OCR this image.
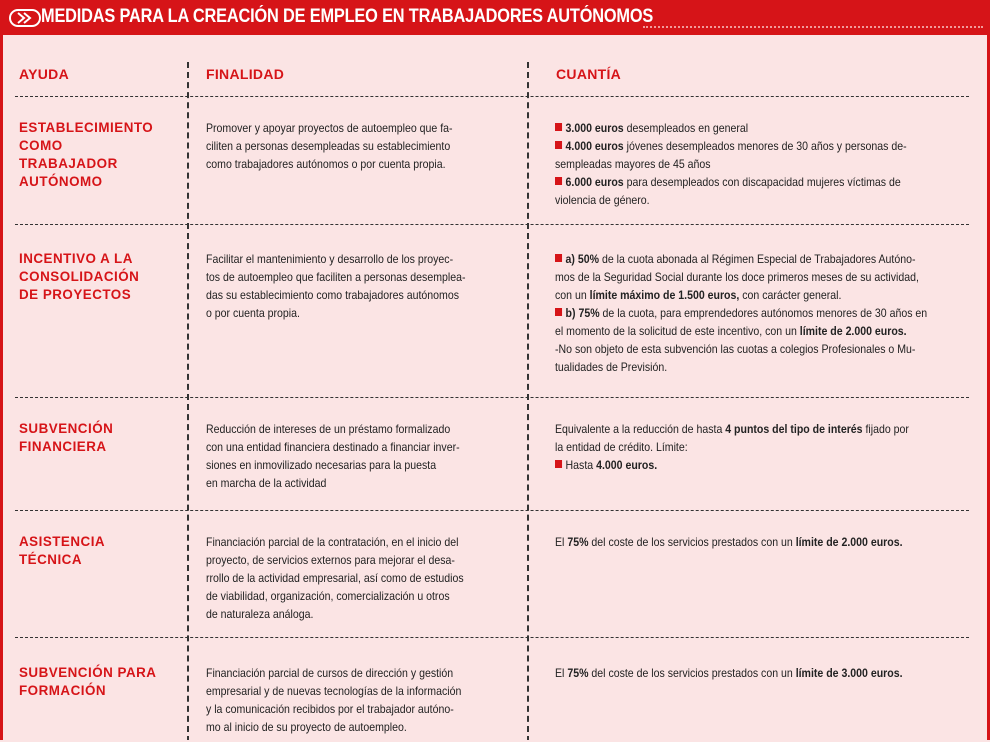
MEDIDAS PARA LA CREACIÓN DE EMPLEO EN TRABAJADORES AUTÓNOMOS
AYUDA	FINALIDAD	CUANTÍA
ESTABLECIMIENTO
COMO
TRABAJADOR
AUTÓNOMO
Promover y apoyar proyectos de autoempleo que fa-
ciliten a personas desempleadas su establecimiento
como trabajadores autónomos o por cuenta propia.
3.000 euros desempleados en general
4.000 euros jóvenes desempleados menores de 30 años y personas de-
sempleadas mayores de 45 años
6.000 euros para desempleados con discapacidad mujeres víctimas de
violencia de género.
INCENTIVO A LA
CONSOLIDACIÓN
DE PROYECTOS
Facilitar el mantenimiento y desarrollo de los proyec-
tos de autoempleo que faciliten a personas desemplea-
das su establecimiento como trabajadores autónomos
o por cuenta propia.
a) 50% de la cuota abonada al Régimen Especial de Trabajadores Autóno-
mos de la Seguridad Social durante los doce primeros meses de su actividad,
con un límite máximo de 1.500 euros, con carácter general.
b) 75% de la cuota, para emprendedores autónomos menores de 30 años en
el momento de la solicitud de este incentivo, con un límite de 2.000 euros.
-No son objeto de esta subvención las cuotas a colegios Profesionales o Mu-
tualidades de Previsión.
SUBVENCIÓN
FINANCIERA
Reducción de intereses de un préstamo formalizado
con una entidad financiera destinado a financiar inver-
siones en inmovilizado necesarias para la puesta
en marcha de la actividad
Equivalente a la reducción de hasta 4 puntos del tipo de interés fijado por
la entidad de crédito. Límite:
Hasta 4.000 euros.
ASISTENCIA
TÉCNICA
Financiación parcial de la contratación, en el inicio del
proyecto, de servicios externos para mejorar el desa-
rrollo de la actividad empresarial, así como de estudios
de viabilidad, organización, comercialización u otros
de naturaleza análoga.
El 75% del coste de los servicios prestados con un límite de 2.000 euros.
SUBVENCIÓN PARA
FORMACIÓN
Financiación parcial de cursos de dirección y gestión
empresarial y de nuevas tecnologías de la información
y la comunicación recibidos por el trabajador autóno-
mo al inicio de su proyecto de autoempleo.
El 75% del coste de los servicios prestados con un límite de 3.000 euros.
